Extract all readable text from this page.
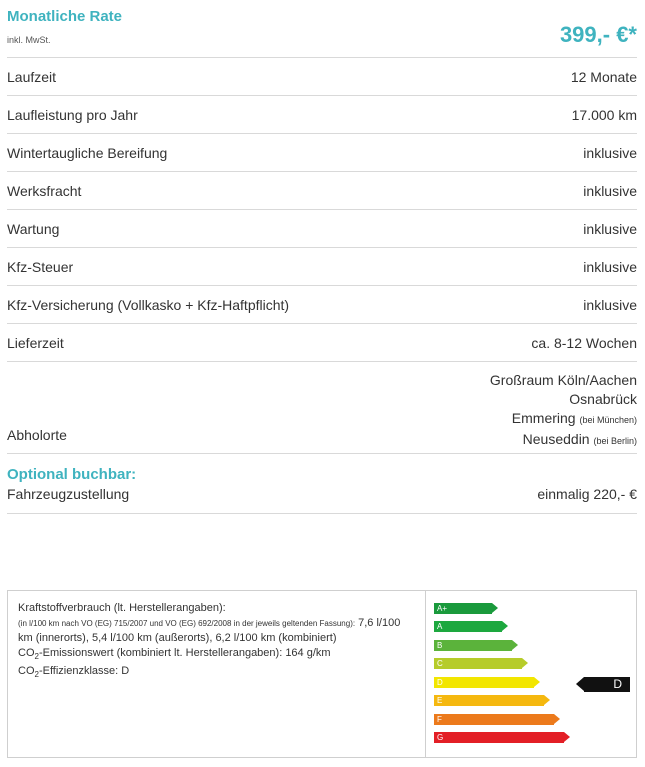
Monatliche Rate
inkl. MwSt.	399,- €*
Laufzeit	12 Monate
Laufleistung pro Jahr	17.000 km
Wintertaugliche Bereifung	inklusive
Werksfracht	inklusive
Wartung	inklusive
Kfz-Steuer	inklusive
Kfz-Versicherung (Vollkasko + Kfz-Haftpflicht)	inklusive
Lieferzeit	ca. 8-12 Wochen
Abholorte
Großraum Köln/Aachen
Osnabrück
Emmering (bei München)
Neuseddin (bei Berlin)
Optional buchbar:
Fahrzeugzustellung	einmalig 220,- €
Kraftstoffverbrauch (lt. Herstellerangaben):
(in l/100 km nach VO (EG) 715/2007 und VO (EG) 692/2008 in der jeweils geltenden Fassung): 7,6 l/100 km (innerorts), 5,4 l/100 km (außerorts), 6,2 l/100 km (kombiniert)
$CO_2$-Emissionswert (kombiniert lt. Herstellerangaben): 164 g/km
$CO_2$-Effizienzklasse: D
A+
A
B
C
D
E
F
G
D
